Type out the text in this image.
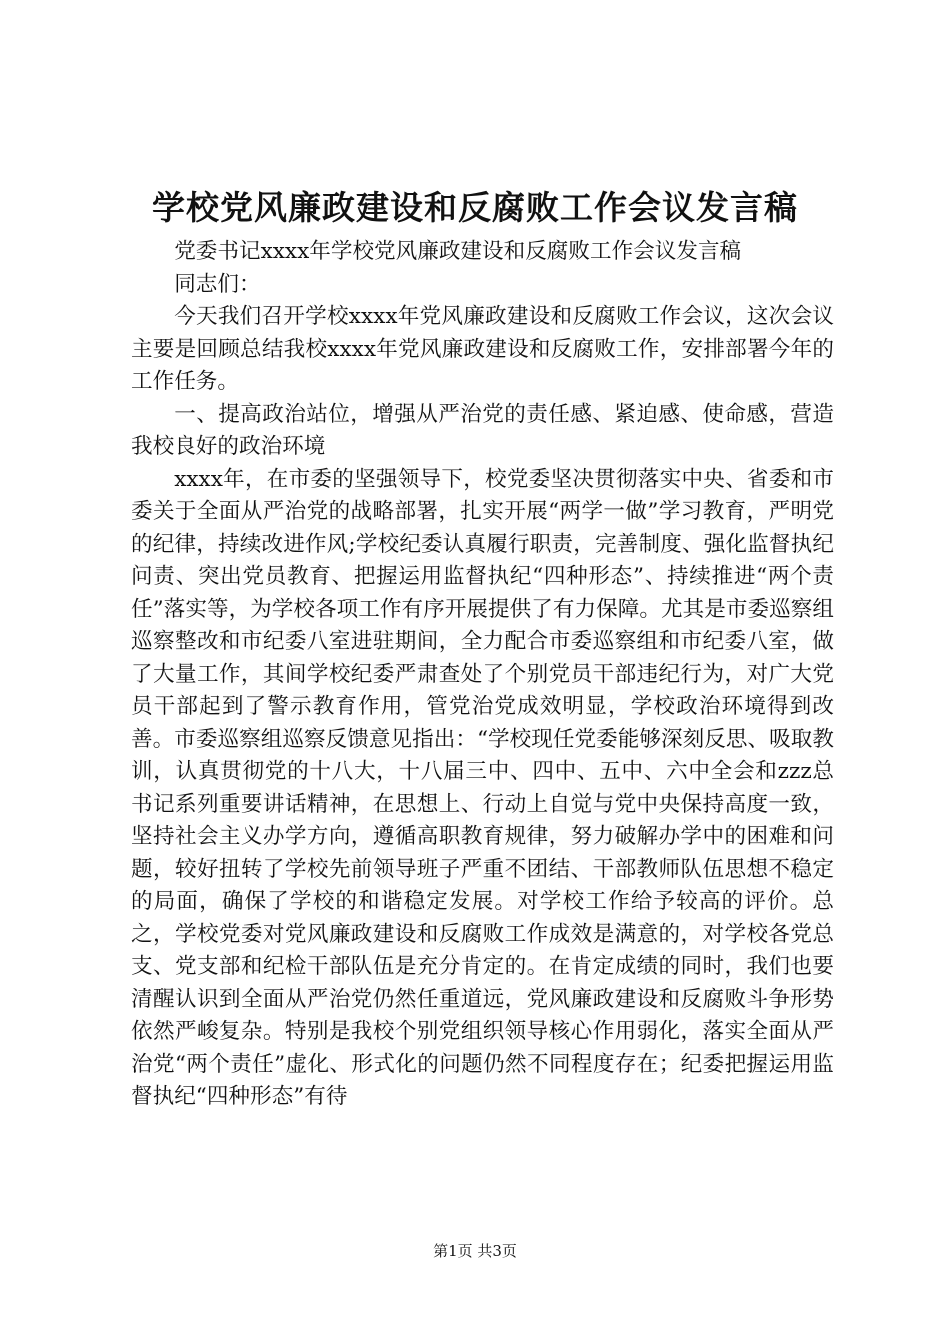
学校党风廉政建设和反腐败工作会议发言稿

党委书记xxxx年学校党风廉政建设和反腐败工作会议发言稿

同志们：

今天我们召开学校xxxx年党风廉政建设和反腐败工作会议，这次会议主要是回顾总结我校xxxx年党风廉政建设和反腐败工作，安排部署今年的工作任务。

一、提高政治站位，增强从严治党的责任感、紧迫感、使命感，营造我校良好的政治环境

xxxx年，在市委的坚强领导下，校党委坚决贯彻落实中央、省委和市委关于全面从严治党的战略部署，扎实开展“两学一做”学习教育，严明党的纪律，持续改进作风;学校纪委认真履行职责，完善制度、强化监督执纪问责、突出党员教育、把握运用监督执纪“四种形态”、持续推进“两个责任”落实等，为学校各项工作有序开展提供了有力保障。尤其是市委巡察组巡察整改和市纪委八室进驻期间，全力配合市委巡察组和市纪委八室，做了大量工作，其间学校纪委严肃查处了个别党员干部违纪行为，对广大党员干部起到了警示教育作用，管党治党成效明显，学校政治环境得到改善。市委巡察组巡察反馈意见指出：“学校现任党委能够深刻反思、吸取教训，认真贯彻党的十八大，十八届三中、四中、五中、六中全会和zzz总书记系列重要讲话精神，在思想上、行动上自觉与党中央保持高度一致，坚持社会主义办学方向，遵循高职教育规律，努力破解办学中的困难和问题，较好扭转了学校先前领导班子严重不团结、干部教师队伍思想不稳定的局面，确保了学校的和谐稳定发展。对学校工作给予较高的评价。总之，学校党委对党风廉政建设和反腐败工作成效是满意的，对学校各党总支、党支部和纪检干部队伍是充分肯定的。在肯定成绩的同时，我们也要清醒认识到全面从严治党仍然任重道远，党风廉政建设和反腐败斗争形势依然严峻复杂。特别是我校个别党组织领导核心作用弱化，落实全面从严治党“两个责任”虚化、形式化的问题仍然不同程度存在；纪委把握运用监督执纪“四种形态”有待

第1页 共3页
